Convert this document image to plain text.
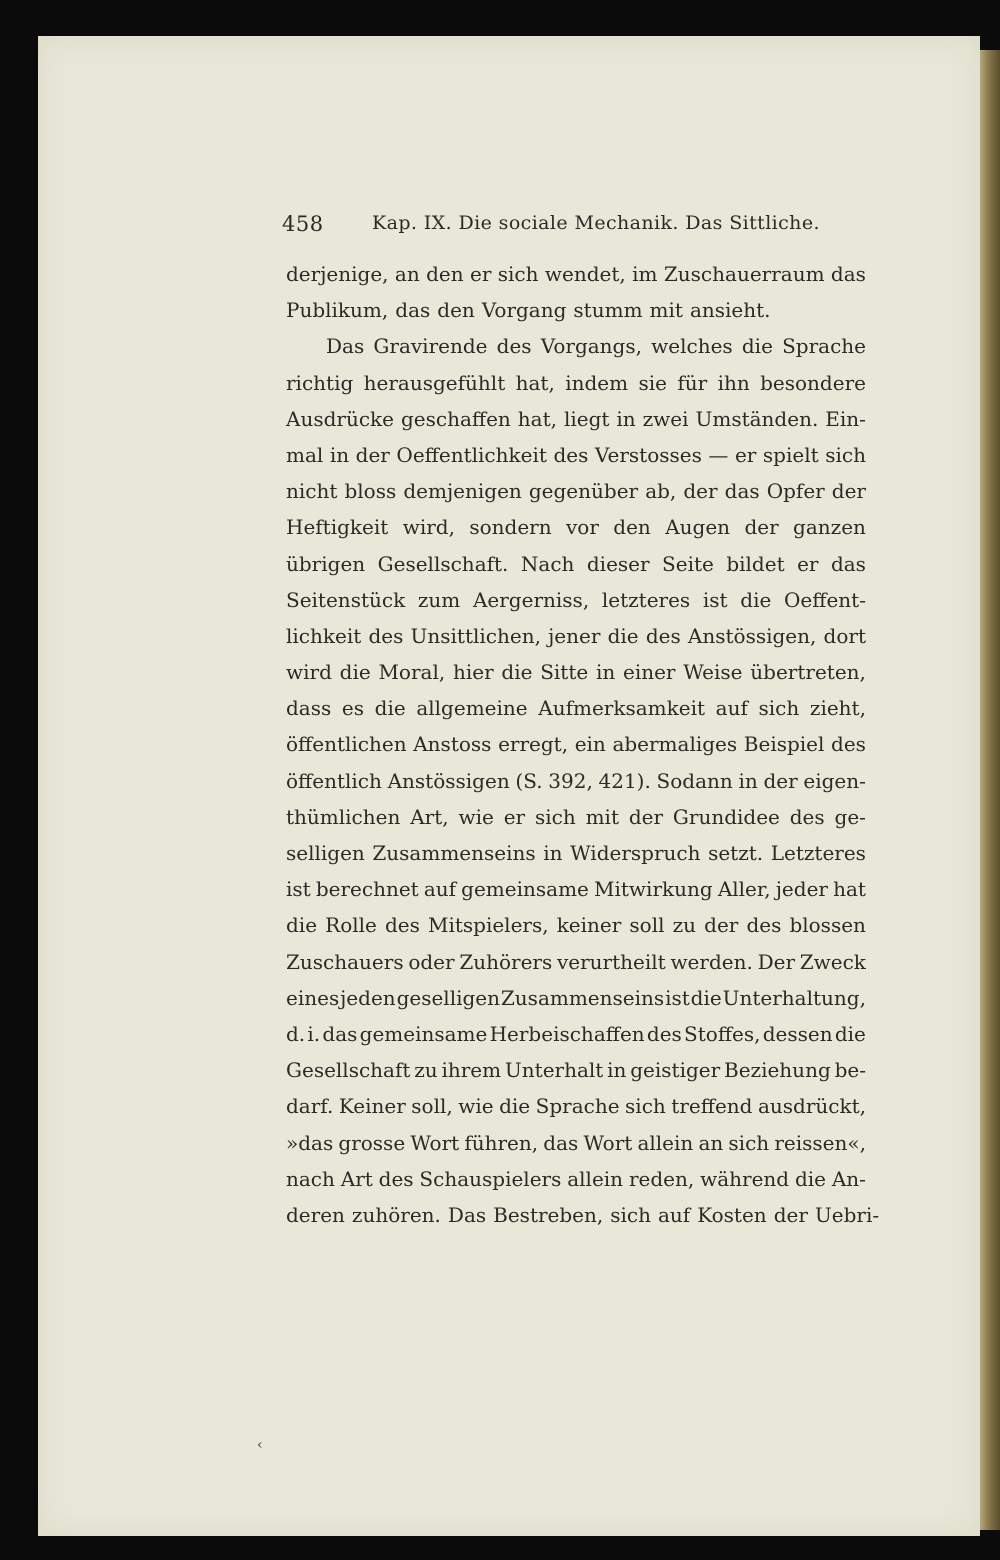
458	Kap. IX. Die sociale Mechanik. Das Sittliche.
derjenige, an den er sich wendet, im Zuschauerraum das
Publikum, das den Vorgang stumm mit ansieht.
Das Gravirende des Vorgangs, welches die Sprache
richtig herausgefühlt hat, indem sie für ihn besondere
Ausdrücke geschaffen hat, liegt in zwei Umständen. Ein-
mal in der Oeffentlichkeit des Verstosses — er spielt sich
nicht bloss demjenigen gegenüber ab, der das Opfer der
Heftigkeit wird, sondern vor den Augen der ganzen
übrigen Gesellschaft. Nach dieser Seite bildet er das
Seitenstück zum Aergerniss, letzteres ist die Oeffent-
lichkeit des Unsittlichen, jener die des Anstössigen, dort
wird die Moral, hier die Sitte in einer Weise übertreten,
dass es die allgemeine Aufmerksamkeit auf sich zieht,
öffentlichen Anstoss erregt, ein abermaliges Beispiel des
öffentlich Anstössigen (S. 392, 421). Sodann in der eigen-
thümlichen Art, wie er sich mit der Grundidee des ge-
selligen Zusammenseins in Widerspruch setzt. Letzteres
ist berechnet auf gemeinsame Mitwirkung Aller, jeder hat
die Rolle des Mitspielers, keiner soll zu der des blossen
Zuschauers oder Zuhörers verurtheilt werden. Der Zweck
eines jeden geselligen Zusammenseins ist die Unterhaltung,
d. i. das gemeinsame Herbeischaffen des Stoffes, dessen die
Gesellschaft zu ihrem Unterhalt in geistiger Beziehung be-
darf. Keiner soll, wie die Sprache sich treffend ausdrückt,
»das grosse Wort führen, das Wort allein an sich reissen«,
nach Art des Schauspielers allein reden, während die An-
deren zuhören. Das Bestreben, sich auf Kosten der Uebri-
‹
